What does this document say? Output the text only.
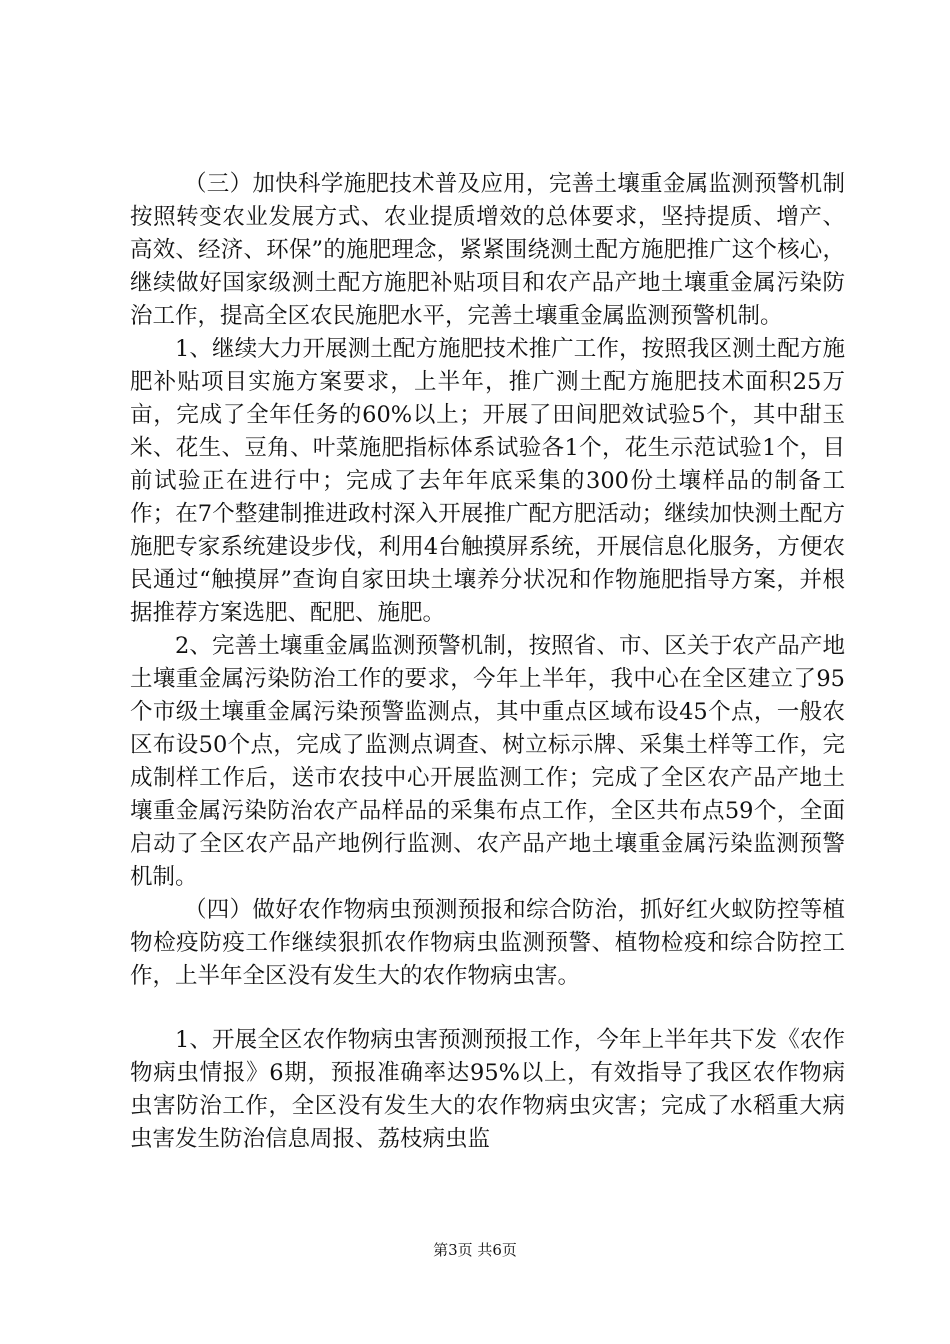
（三）加快科学施肥技术普及应用，完善土壤重金属监测预警机制按照转变农业发展方式、农业提质增效的总体要求，坚持提质、增产、高效、经济、环保”的施肥理念，紧紧围绕测土配方施肥推广这个核心，继续做好国家级测土配方施肥补贴项目和农产品产地土壤重金属污染防治工作，提高全区农民施肥水平，完善土壤重金属监测预警机制。

1、继续大力开展测土配方施肥技术推广工作，按照我区测土配方施肥补贴项目实施方案要求，上半年，推广测土配方施肥技术面积25万亩，完成了全年任务的60%以上；开展了田间肥效试验5个，其中甜玉米、花生、豆角、叶菜施肥指标体系试验各1个，花生示范试验1个，目前试验正在进行中；完成了去年年底采集的300份土壤样品的制备工作；在7个整建制推进政村深入开展推广配方肥活动；继续加快测土配方施肥专家系统建设步伐，利用4台触摸屏系统，开展信息化服务，方便农民通过“触摸屏”查询自家田块土壤养分状况和作物施肥指导方案，并根据推荐方案选肥、配肥、施肥。

2、完善土壤重金属监测预警机制，按照省、市、区关于农产品产地土壤重金属污染防治工作的要求，今年上半年，我中心在全区建立了95个市级土壤重金属污染预警监测点，其中重点区域布设45个点，一般农区布设50个点，完成了监测点调查、树立标示牌、采集土样等工作，完成制样工作后，送市农技中心开展监测工作；完成了全区农产品产地土壤重金属污染防治农产品样品的采集布点工作，全区共布点59个，全面启动了全区农产品产地例行监测、农产品产地土壤重金属污染监测预警机制。

（四）做好农作物病虫预测预报和综合防治，抓好红火蚁防控等植物检疫防疫工作继续狠抓农作物病虫监测预警、植物检疫和综合防控工作，上半年全区没有发生大的农作物病虫害。

1、开展全区农作物病虫害预测预报工作，今年上半年共下发《农作物病虫情报》6期，预报准确率达95%以上，有效指导了我区农作物病虫害防治工作，全区没有发生大的农作物病虫灾害；完成了水稻重大病虫害发生防治信息周报、荔枝病虫监

第3页 共6页
